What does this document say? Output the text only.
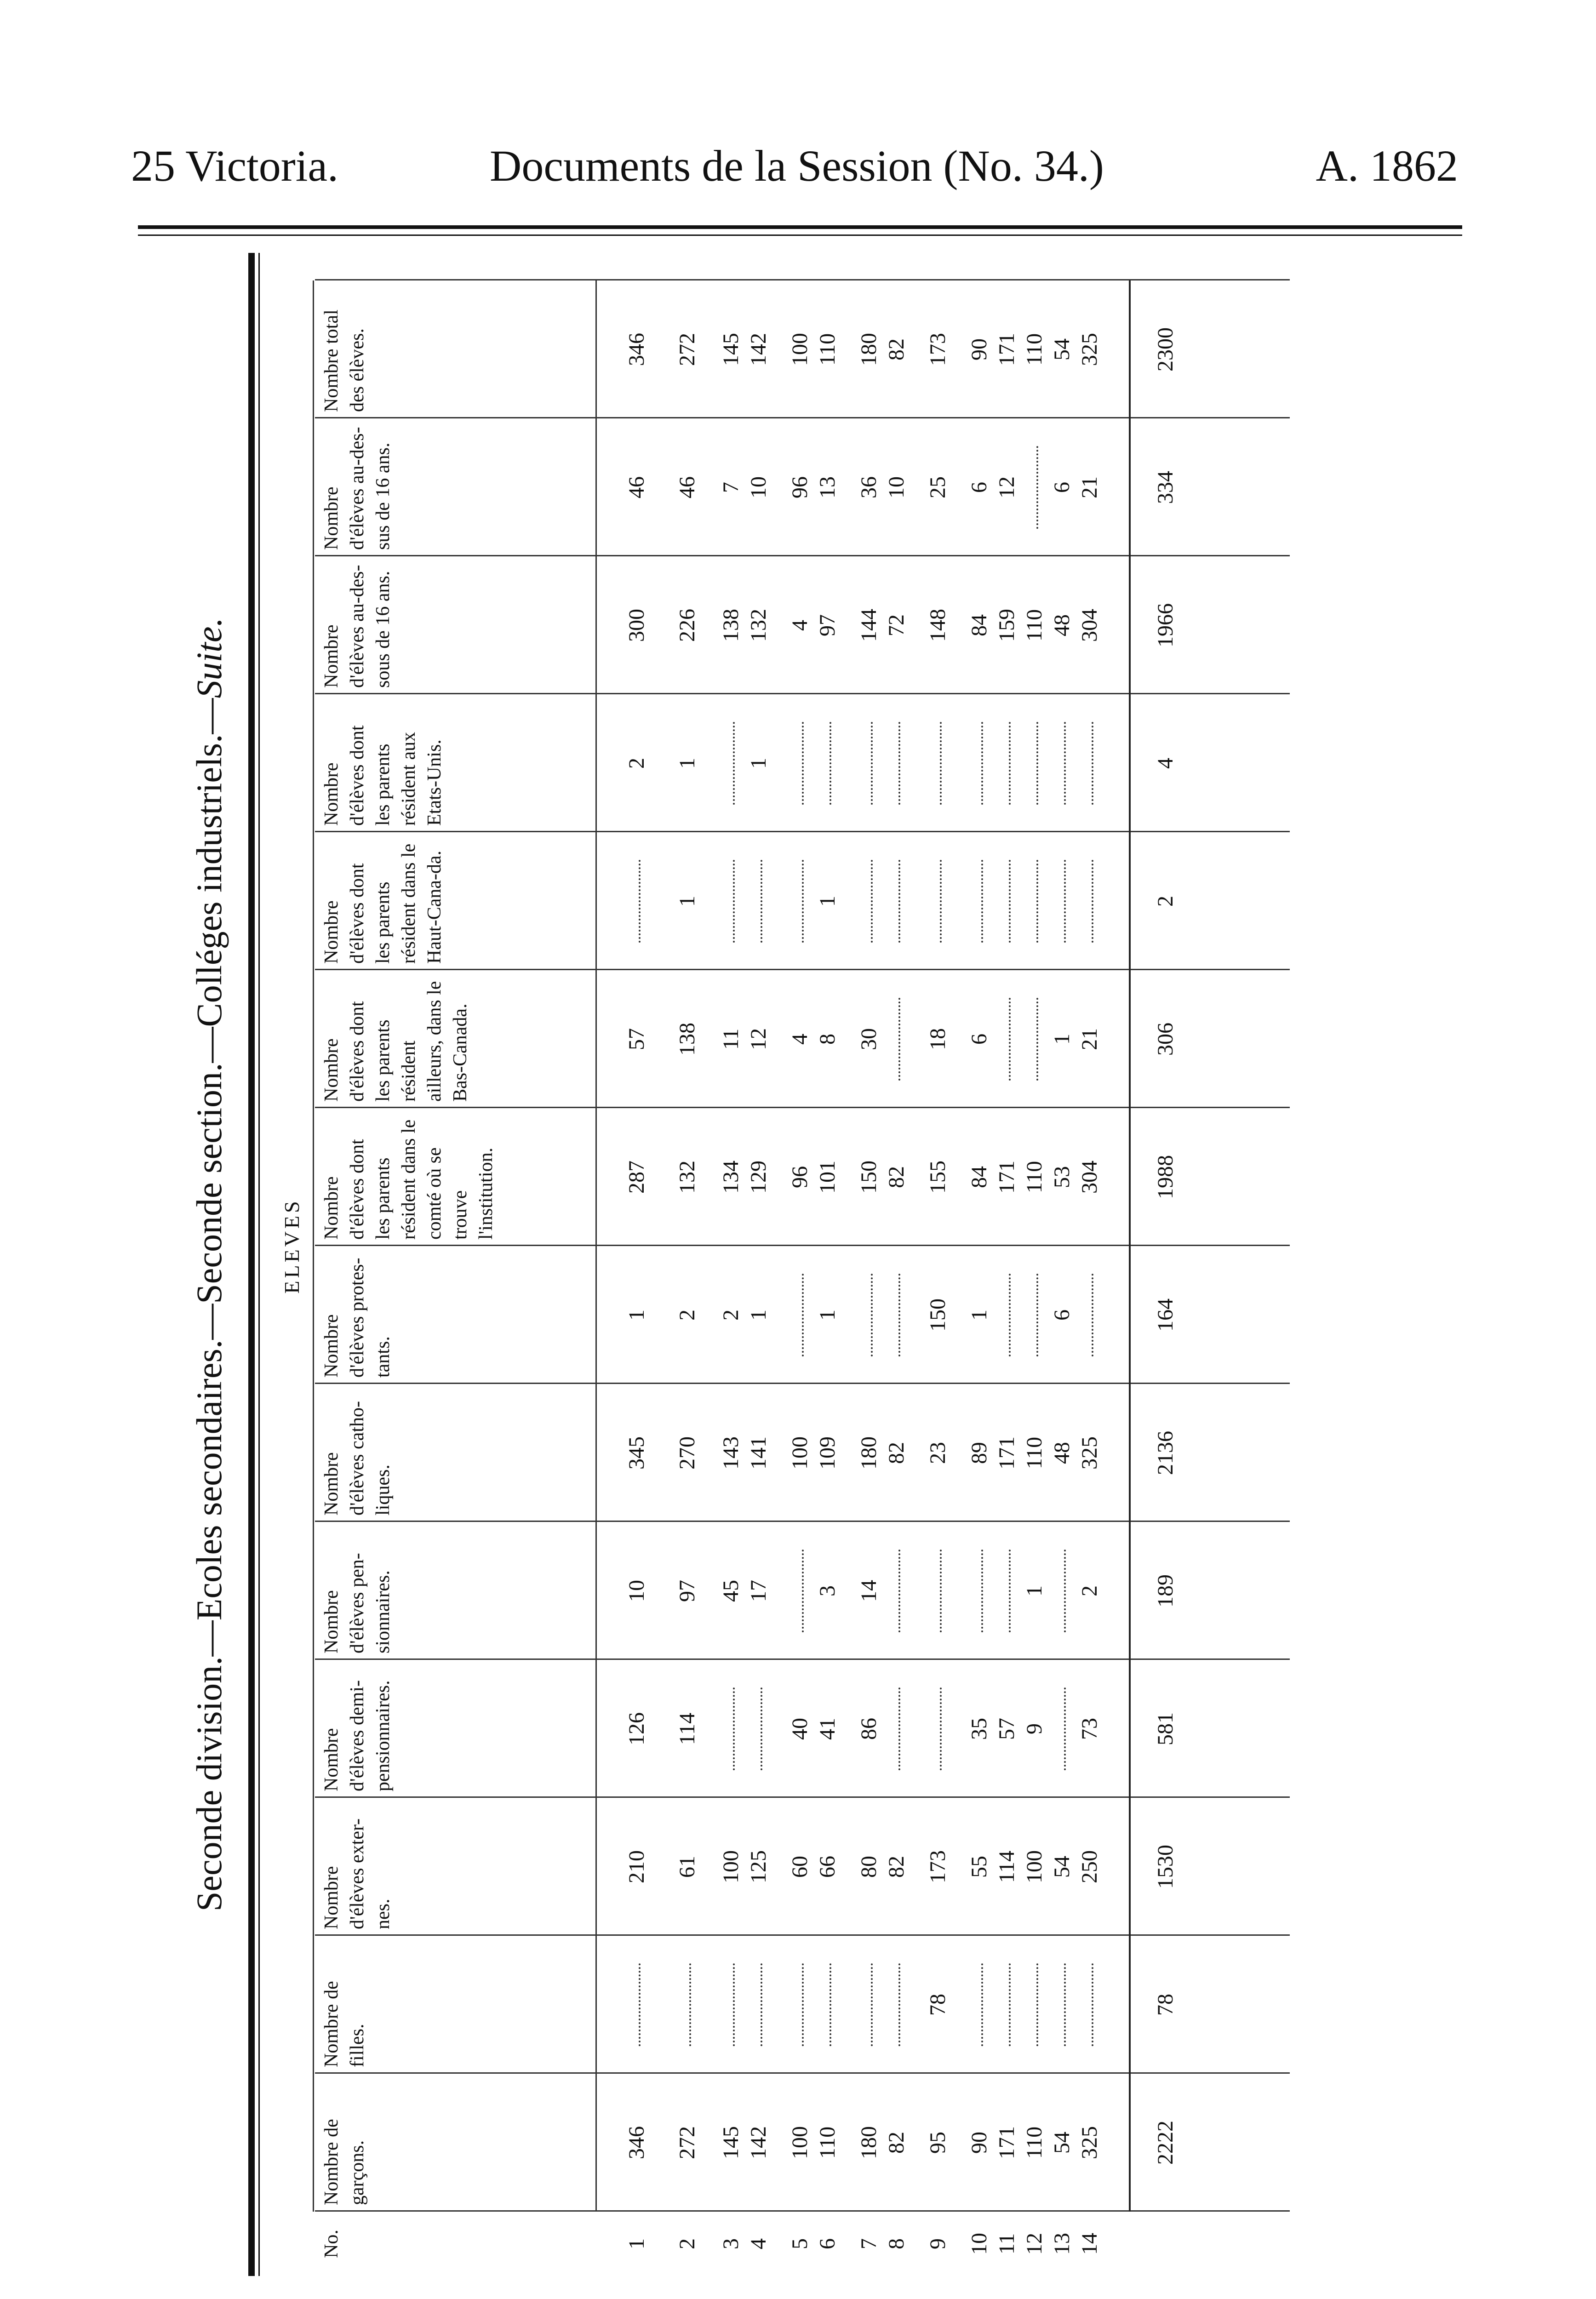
25 Victoria.	Documents de la Session (No. 34.)	A. 1862
Seconde division.—Ecoles secondaires.—Seconde section.—Colléges industriels.—Suite.
ELEVES
No.
Nombre de garçons.
Nombre de filles.
Nombre d'élèves exter-nes.
Nombre d'élèves demi-pensionnaires.
Nombre d'élèves pen-sionnaires.
Nombre d'élèves catho-liques.
Nombre d'élèves protes-tants.
Nombre d'élèves dont les parents résident dans le comté où se trouve l'institution.
Nombre d'élèves dont les parents résident ailleurs, dans le Bas-Canada.
Nombre d'élèves dont les parents résident dans le Haut-Cana-da.
Nombre d'élèves dont les parents résident aux Etats-Unis.
Nombre d'élèves au-des-sous de 16 ans.
Nombre d'élèves au-des-sus de 16 ans.
Nombre total des élèves.
1
346
210
126
10
345
1
287
57
2
300
46
346
2
272
61
114
97
270
2
132
138
1
1
226
46
272
3
145
100
45
143
2
134
11
138
7
145
4
142
125
17
141
1
129
12
1
132
10
142
5
100
60
40
100
96
4
4
96
100
6
110
66
41
3
109
1
101
8
1
97
13
110
7
180
80
86
14
180
150
30
144
36
180
8
82
82
82
82
72
10
82
9
95
78
173
23
150
155
18
148
25
173
10
90
55
35
89
1
84
6
84
6
90
11
171
114
57
171
171
159
12
171
12
110
100
9
1
110
110
110
110
13
54
54
48
6
53
1
48
6
54
14
325
250
73
2
325
304
21
304
21
325
2222
78
1530
581
189
2136
164
1988
306
2
4
1966
334
2300
